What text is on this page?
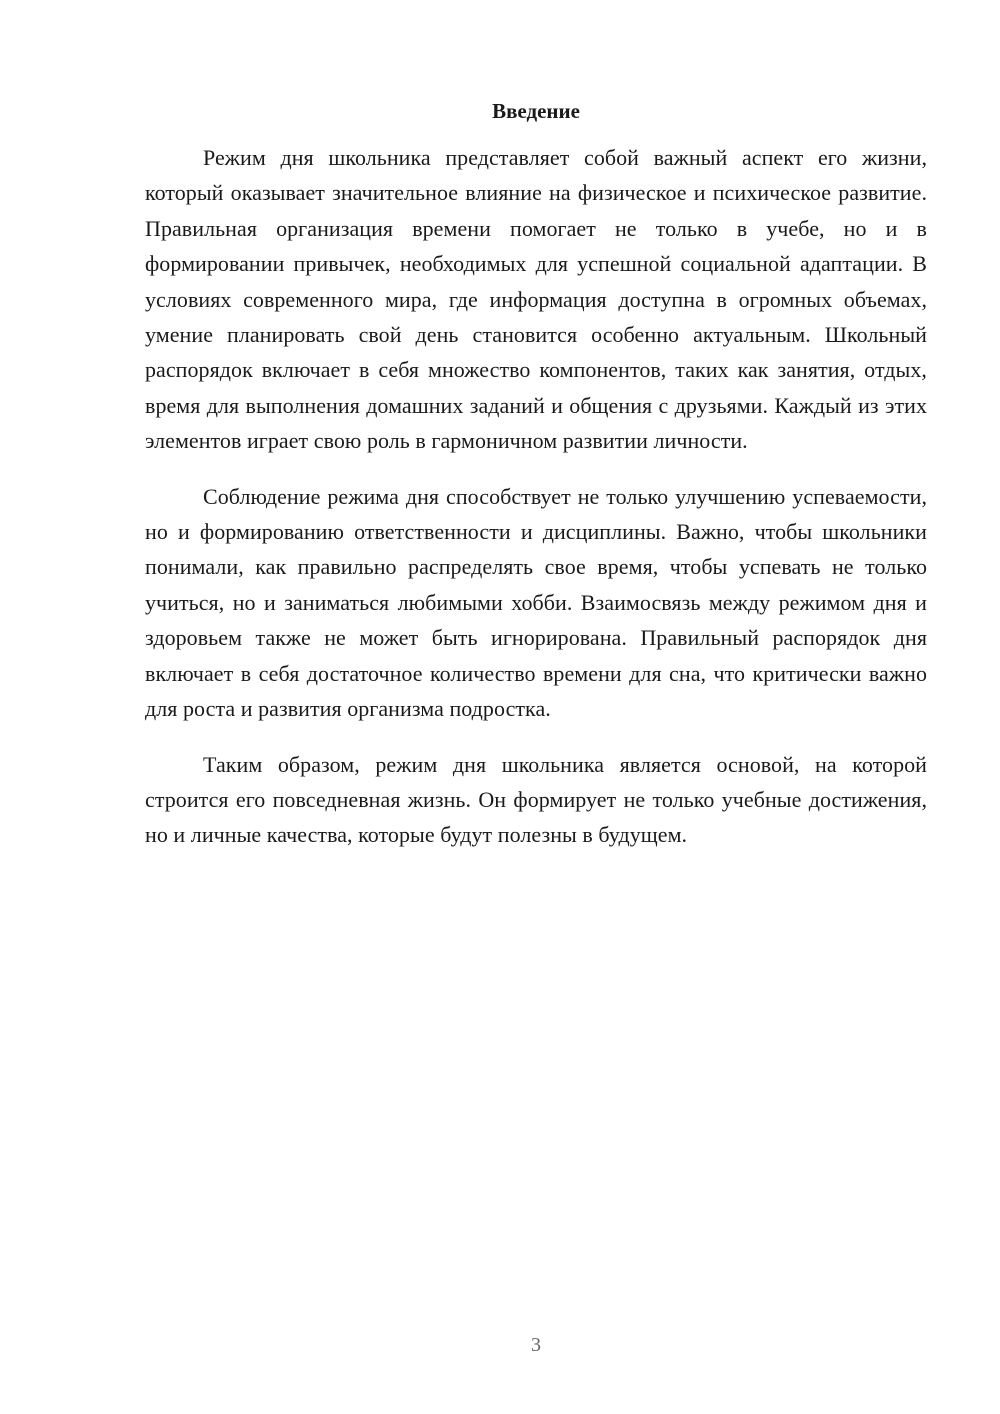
Введение

Режим дня школьника представляет собой важный аспект его жизни, который оказывает значительное влияние на физическое и психическое развитие. Правильная организация времени помогает не только в учебе, но и в формировании привычек, необходимых для успешной социальной адаптации. В условиях современного мира, где информация доступна в огромных объемах, умение планировать свой день становится особенно актуальным. Школьный распорядок включает в себя множество компонентов, таких как занятия, отдых, время для выполнения домашних заданий и общения с друзьями. Каждый из этих элементов играет свою роль в гармоничном развитии личности.

Соблюдение режима дня способствует не только улучшению успеваемости, но и формированию ответственности и дисциплины. Важно, чтобы школьники понимали, как правильно распределять свое время, чтобы успевать не только учиться, но и заниматься любимыми хобби. Взаимосвязь между режимом дня и здоровьем также не может быть игнорирована. Правильный распорядок дня включает в себя достаточное количество времени для сна, что критически важно для роста и развития организма подростка.

Таким образом, режим дня школьника является основой, на которой строится его повседневная жизнь. Он формирует не только учебные достижения, но и личные качества, которые будут полезны в будущем.

3
